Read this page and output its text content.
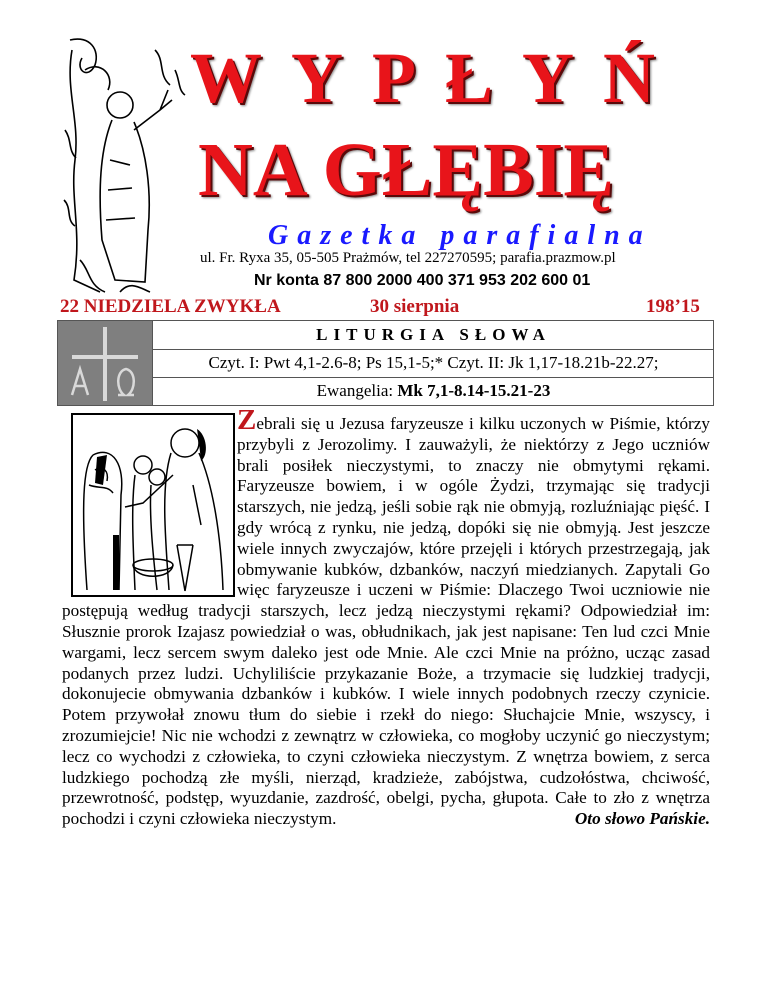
WYPŁYŃ
NA GŁĘBIĘ
Gazetka parafialna
ul. Fr. Ryxa 35, 05-505 Prażmów, tel 227270595; parafia.prazmow.pl
Nr konta 87 800 2000 400 371 953 202 600 01
22 NIEDZIELA ZWYKŁA	30 sierpnia	198’15
LITURGIA SŁOWA
Czyt. I: Pwt 4,1-2.6-8; Ps 15,1-5;* Czyt. II: Jk 1,17-18.21b-22.27;
Ewangelia: Mk 7,1-8.14-15.21-23
Zebrali się u Jezusa faryzeusze i kilku uczonych w Piśmie, którzy przybyli z Jerozolimy. I zauważyli, że niektórzy z Jego uczniów brali posiłek nieczystymi, to znaczy nie obmytymi rękami. Faryzeusze bowiem, i w ogóle Żydzi, trzymając się tradycji starszych, nie jedzą, jeśli sobie rąk nie obmyją, rozluźniając pięść. I gdy wrócą z rynku, nie jedzą, dopóki się nie obmyją. Jest jeszcze wiele innych zwyczajów, które przejęli i których przestrzegają, jak obmywanie kubków, dzbanków, naczyń miedzianych. Zapytali Go więc faryzeusze i uczeni w Piśmie: Dlaczego Twoi uczniowie nie postępują według tradycji starszych, lecz jedzą nieczystymi rękami? Odpowiedział im: Słusznie prorok Izajasz powiedział o was, obłudnikach, jak jest napisane: Ten lud czci Mnie wargami, lecz sercem swym daleko jest ode Mnie. Ale czci Mnie na próżno, ucząc zasad podanych przez ludzi. Uchyliliście przykazanie Boże, a trzymacie się ludzkiej tradycji, dokonujecie obmywania dzbanków i kubków. I wiele innych podobnych rzeczy czynicie. Potem przywołał znowu tłum do siebie i rzekł do niego: Słuchajcie Mnie, wszyscy, i zrozumiejcie! Nic nie wchodzi z zewnątrz w człowieka, co mogłoby uczynić go nieczystym; lecz co wychodzi z człowieka, to czyni człowieka nieczystym. Z wnętrza bowiem, z serca ludzkiego pochodzą złe myśli, nierząd, kradzieże, zabójstwa, cudzołóstwa, chciwość, przewrotność, podstęp, wyuzdanie, zazdrość, obelgi, pycha, głupota. Całe to zło z wnętrza pochodzi i czyni człowieka nieczystym.	Oto słowo Pańskie.
